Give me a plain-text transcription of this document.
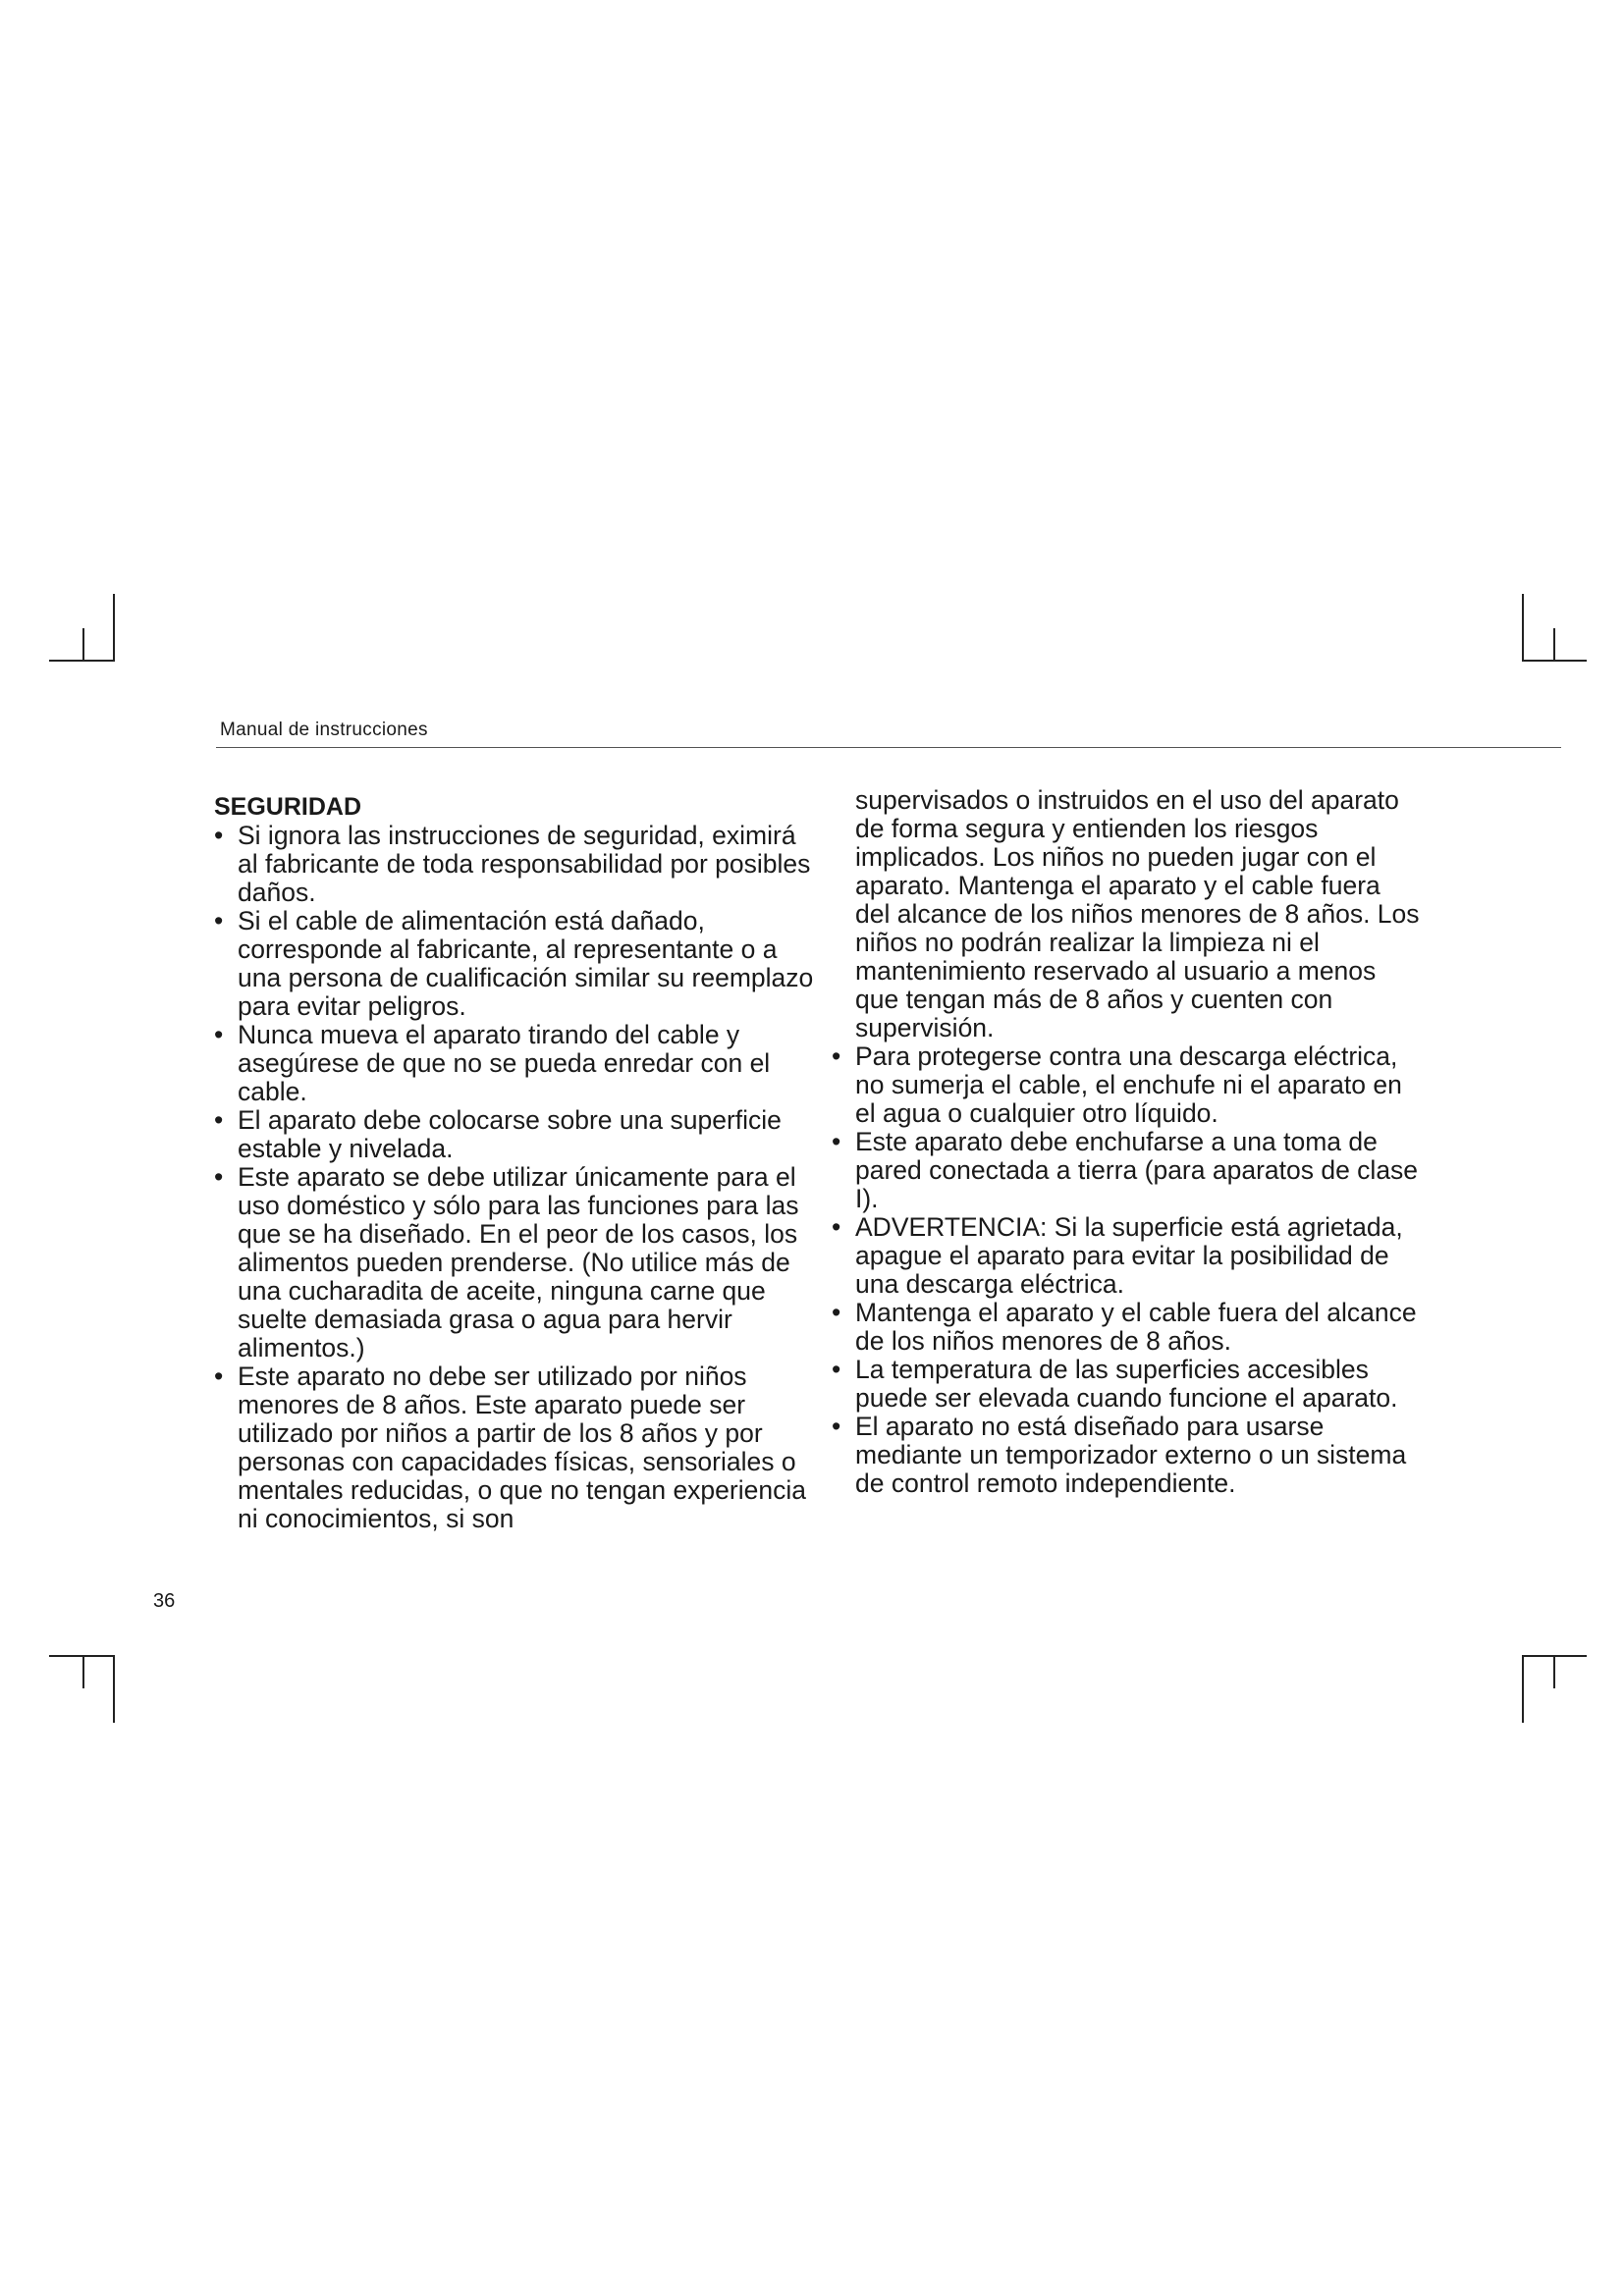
Manual de instrucciones
SEGURIDAD
• Si ignora las instrucciones de seguridad, eximirá al fabricante de toda responsabilidad por posibles daños.
• Si el cable de alimentación está dañado, corresponde al fabricante, al representante o a una persona de cualificación similar su reemplazo para evitar peligros.
• Nunca mueva el aparato tirando del cable y asegúrese de que no se pueda enredar con el cable.
• El aparato debe colocarse sobre una superficie estable y nivelada.
• Este aparato se debe utilizar únicamente para el uso doméstico y sólo para las funciones para las que se ha diseñado. En el peor de los casos, los alimentos pueden prenderse. (No utilice más de una cucharadita de aceite, ninguna carne que suelte demasiada grasa o agua para hervir alimentos.)
• Este aparato no debe ser utilizado por niños menores de 8 años. Este aparato puede ser utilizado por niños a partir de los 8 años y por personas con capacidades físicas, sensoriales o mentales reducidas, o que no tengan experiencia ni conocimientos, si son
supervisados o instruidos en el uso del aparato de forma segura y entienden los riesgos implicados. Los niños no pueden jugar con el aparato. Mantenga el aparato y el cable fuera del alcance de los niños menores de 8 años. Los niños no podrán realizar la limpieza ni el mantenimiento reservado al usuario a menos que tengan más de 8 años y cuenten con supervisión.
• Para protegerse contra una descarga eléctrica, no sumerja el cable, el enchufe ni el aparato en el agua o cualquier otro líquido.
• Este aparato debe enchufarse a una toma de pared conectada a tierra (para aparatos de clase I).
• ADVERTENCIA: Si la superficie está agrietada, apague el aparato para evitar la posibilidad de una descarga eléctrica.
• Mantenga el aparato y el cable fuera del alcance de los niños menores de 8 años.
• La temperatura de las superficies accesibles puede ser elevada cuando funcione el aparato.
• El aparato no está diseñado para usarse mediante un temporizador externo o un sistema de control remoto independiente.
36
